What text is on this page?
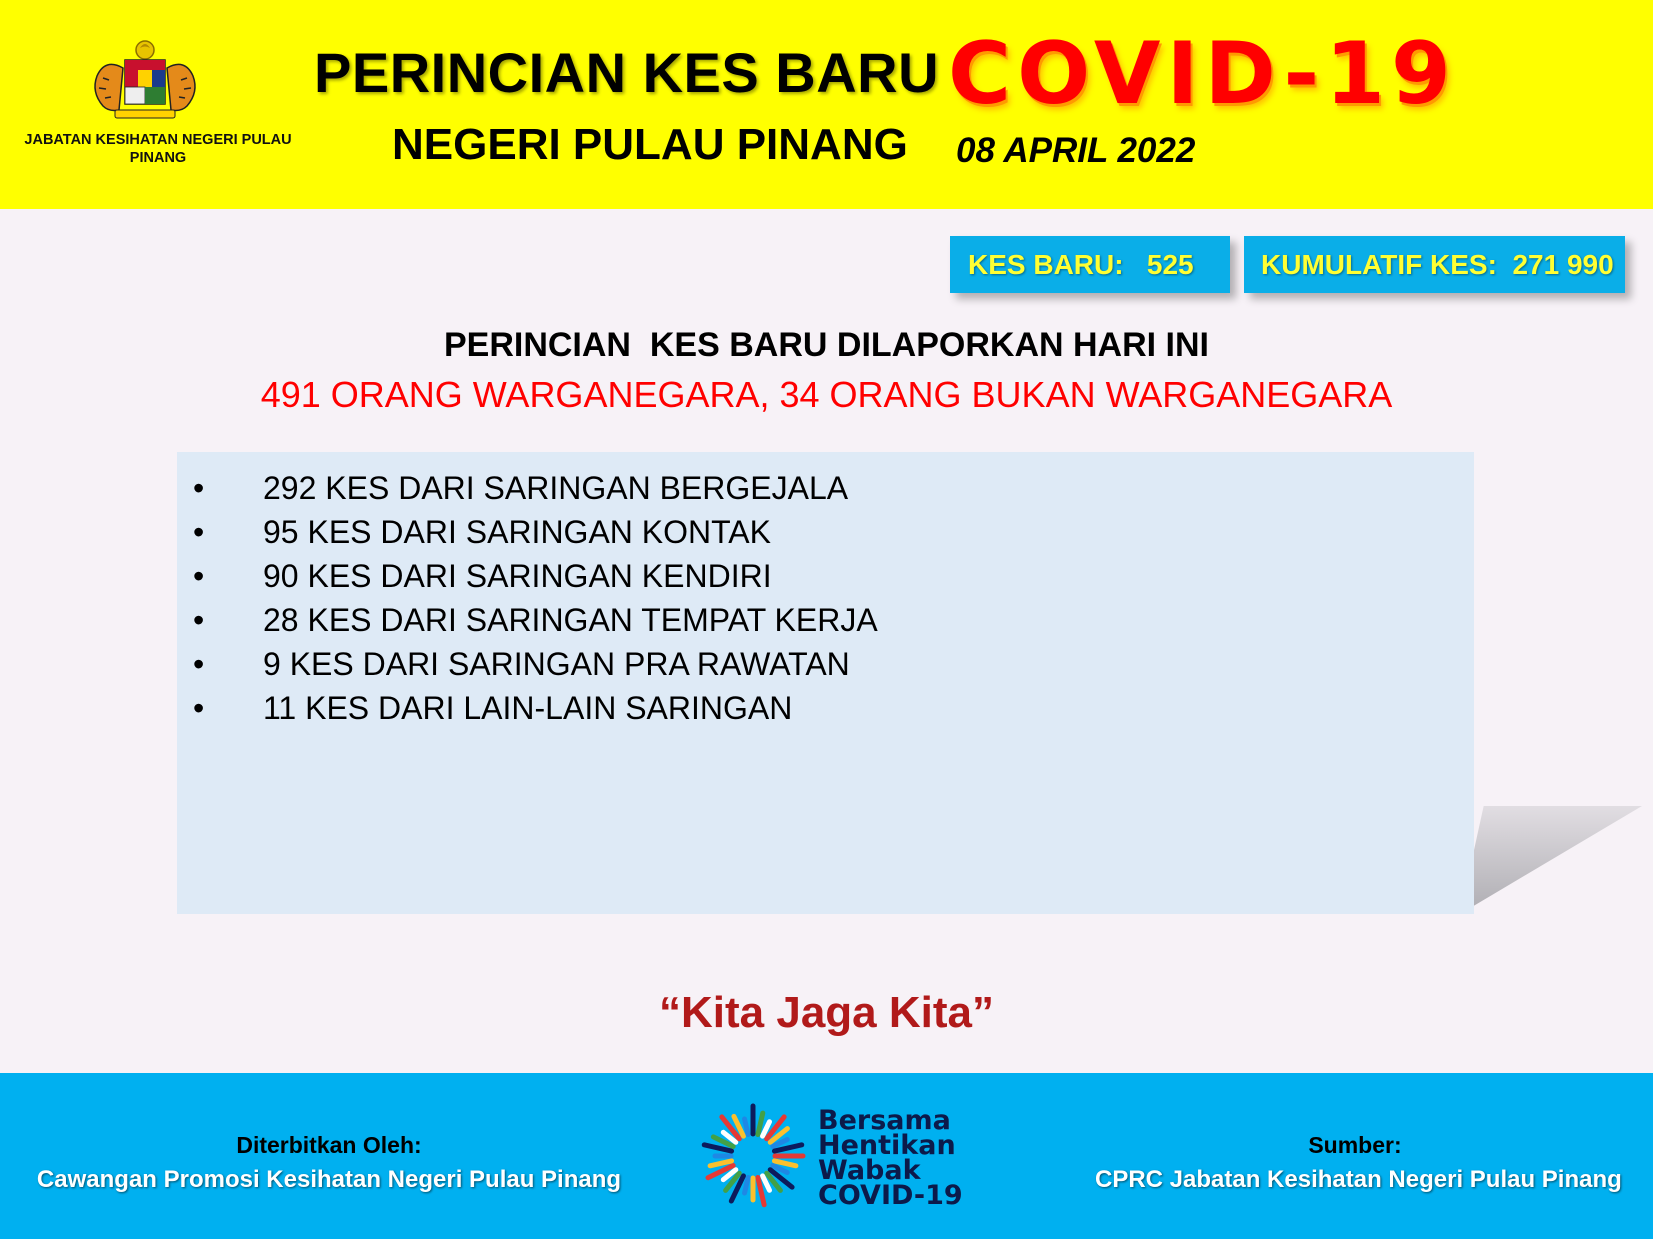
JABATAN KESIHATAN NEGERI PULAU PINANG
PERINCIAN KES BARU COVID-19
NEGERI PULAU PINANG 08 APRIL 2022
KES BARU: 525	KUMULATIF KES: 271 990
PERINCIAN  KES BARU DILAPORKAN HARI INI
491 ORANG WARGANEGARA, 34 ORANG BUKAN WARGANEGARA
• 292 KES DARI SARINGAN BERGEJALA
• 95 KES DARI SARINGAN KONTAK
• 90 KES DARI SARINGAN KENDIRI
• 28 KES DARI SARINGAN TEMPAT KERJA
• 9 KES DARI SARINGAN PRA RAWATAN
• 11 KES DARI LAIN-LAIN SARINGAN
“Kita Jaga Kita”
Diterbitkan Oleh:
Cawangan Promosi Kesihatan Negeri Pulau Pinang
Bersama
Hentikan
Wabak
COVID-19
Sumber:
CPRC Jabatan Kesihatan Negeri Pulau Pinang
